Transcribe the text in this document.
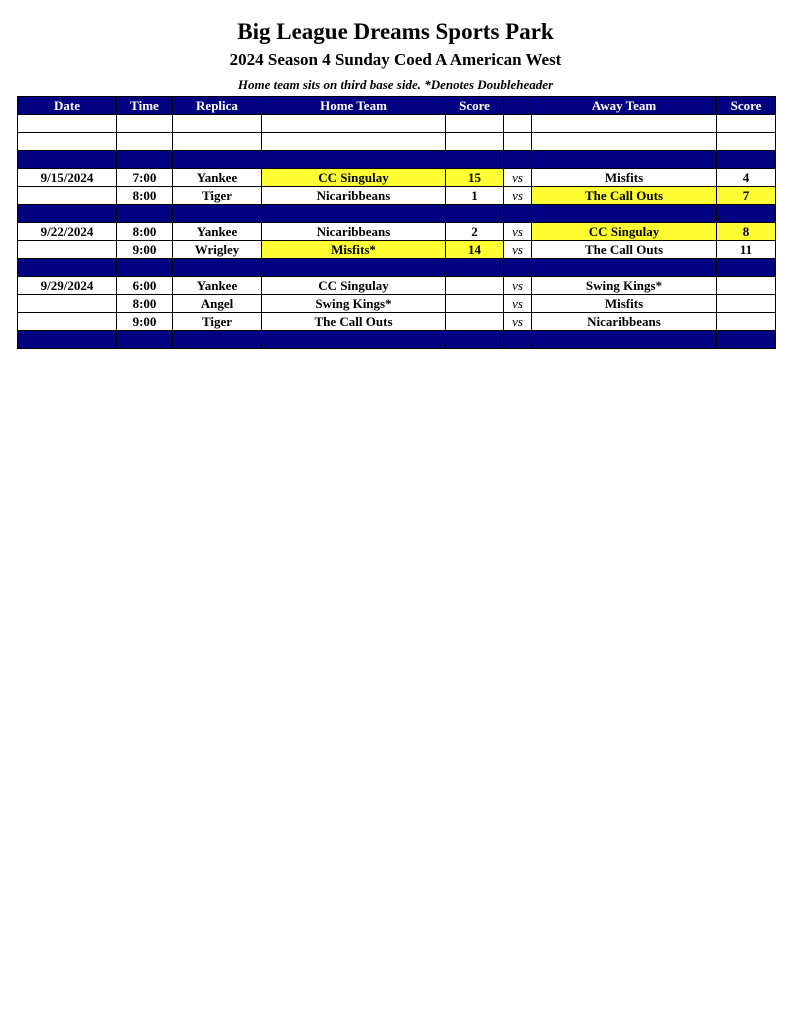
Big League Dreams Sports Park
2024 Season 4 Sunday Coed A American West
Home team sits on third base side. *Denotes Doubleheader
Date	Time	Replica	Home Team	Score		Away Team	Score

9/15/2024	7:00	Yankee	CC Singulay	15	vs	Misfits	4
	8:00	Tiger	Nicaribbeans	1	vs	The Call Outs	7

9/22/2024	8:00	Yankee	Nicaribbeans	2	vs	CC Singulay	8
	9:00	Wrigley	Misfits*	14	vs	The Call Outs	11

9/29/2024	6:00	Yankee	CC Singulay		vs	Swing Kings*	
	8:00	Angel	Swing Kings*		vs	Misfits	
	9:00	Tiger	The Call Outs		vs	Nicaribbeans	
